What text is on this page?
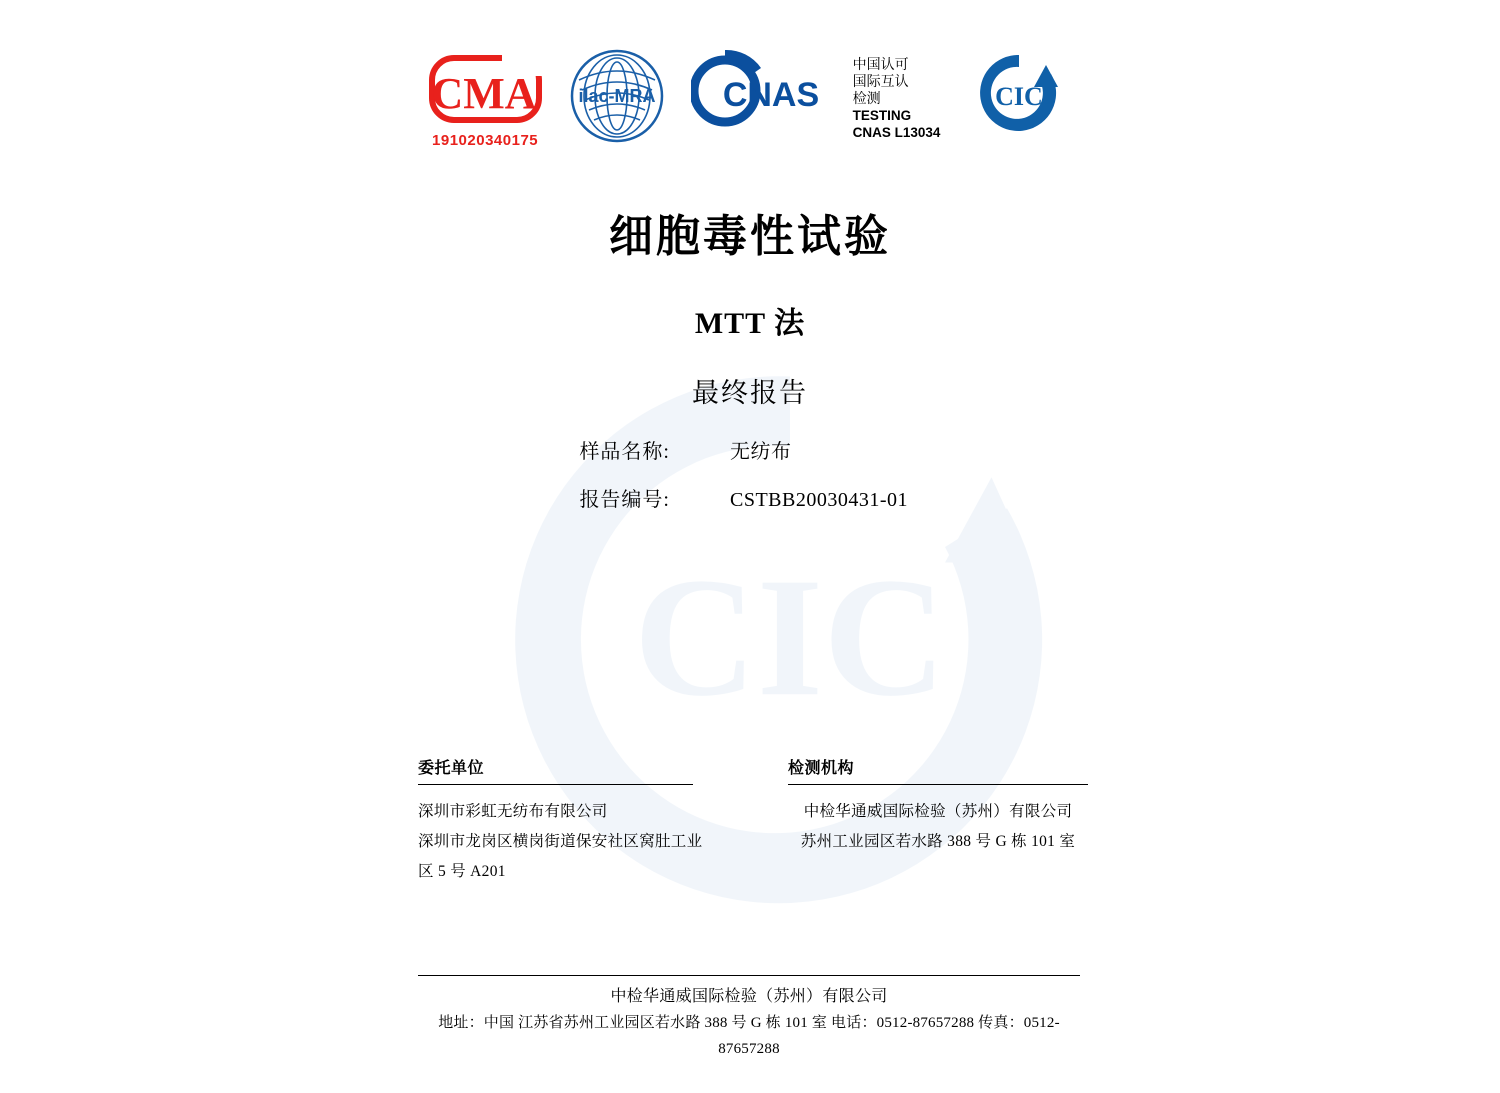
CIC
CMA
191020340175
ilac-MRA CNAS
中国认可
国际互认
检测
TESTING
CNAS L13034
CIC
细胞毒性试验
MTT 法
最终报告
样品名称:	无纺布
报告编号:	CSTBB20030431-01
委托单位
深圳市彩虹无纺布有限公司
深圳市龙岗区横岗街道保安社区窝肚工业区 5 号 A201
检测机构
中检华通威国际检验（苏州）有限公司
苏州工业园区若水路 388 号 G 栋 101 室
中检华通威国际检验（苏州）有限公司
地址：中国 江苏省苏州工业园区若水路 388 号 G 栋 101 室 电话：0512-87657288 传真：0512-87657288
